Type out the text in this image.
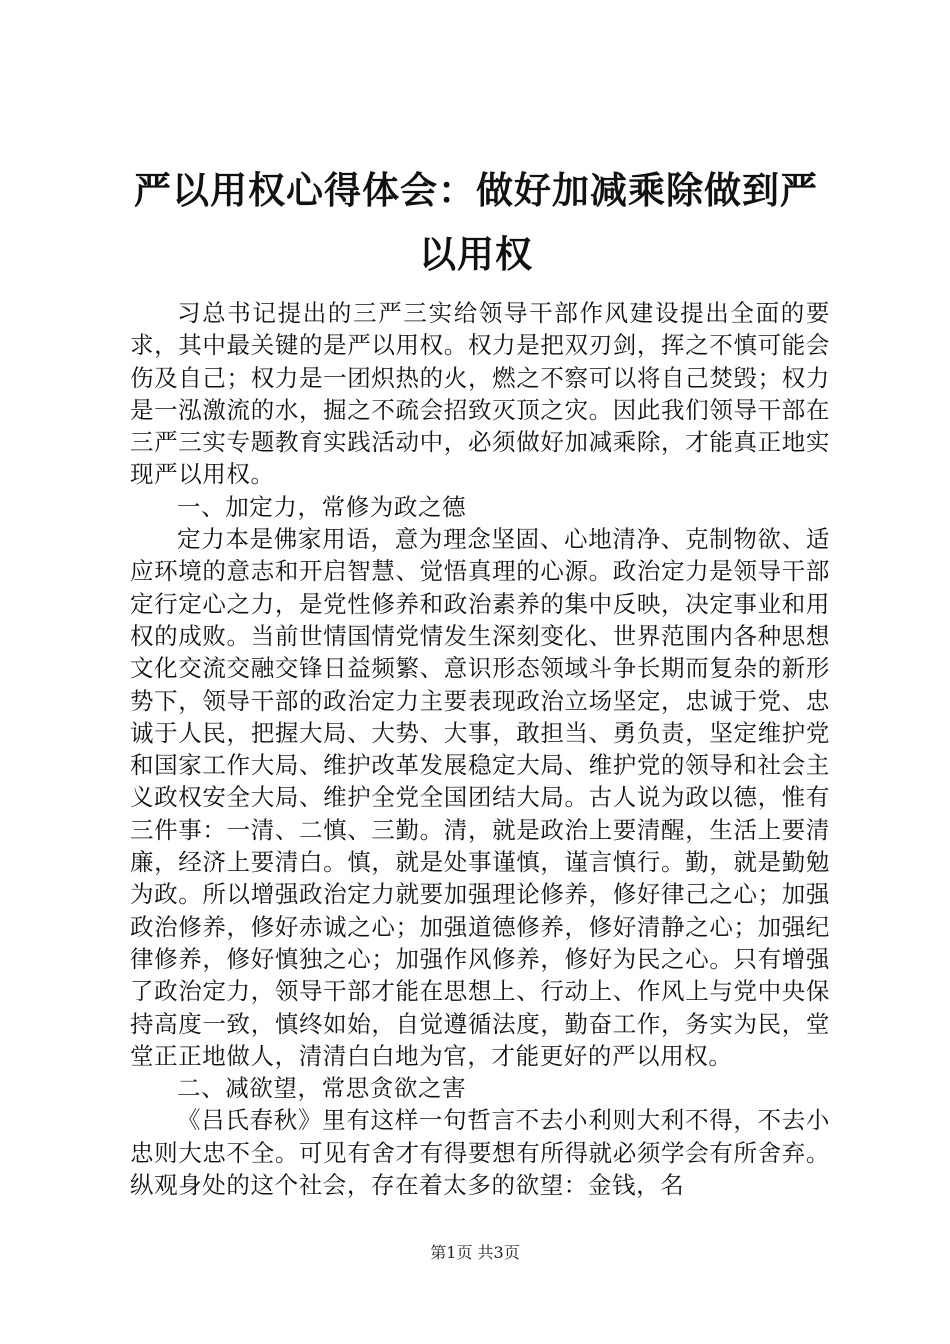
严以用权心得体会：做好加减乘除做到严以用权

习总书记提出的三严三实给领导干部作风建设提出全面的要求，其中最关键的是严以用权。权力是把双刃剑，挥之不慎可能会伤及自己；权力是一团炽热的火，燃之不察可以将自己焚毁；权力是一泓激流的水，掘之不疏会招致灭顶之灾。因此我们领导干部在三严三实专题教育实践活动中，必须做好加减乘除，才能真正地实现严以用权。

一、加定力，常修为政之德

定力本是佛家用语，意为理念坚固、心地清净、克制物欲、适应环境的意志和开启智慧、觉悟真理的心源。政治定力是领导干部定行定心之力，是党性修养和政治素养的集中反映，决定事业和用权的成败。当前世情国情党情发生深刻变化、世界范围内各种思想文化交流交融交锋日益频繁、意识形态领域斗争长期而复杂的新形势下，领导干部的政治定力主要表现政治立场坚定，忠诚于党、忠诚于人民，把握大局、大势、大事，敢担当、勇负责，坚定维护党和国家工作大局、维护改革发展稳定大局、维护党的领导和社会主义政权安全大局、维护全党全国团结大局。古人说为政以德，惟有三件事：一清、二慎、三勤。清，就是政治上要清醒，生活上要清廉，经济上要清白。慎，就是处事谨慎，谨言慎行。勤，就是勤勉为政。所以增强政治定力就要加强理论修养，修好律己之心；加强政治修养，修好赤诚之心；加强道德修养，修好清静之心；加强纪律修养，修好慎独之心；加强作风修养，修好为民之心。只有增强了政治定力，领导干部才能在思想上、行动上、作风上与党中央保持高度一致，慎终如始，自觉遵循法度，勤奋工作，务实为民，堂堂正正地做人，清清白白地为官，才能更好的严以用权。

二、减欲望，常思贪欲之害

《吕氏春秋》里有这样一句哲言不去小利则大利不得，不去小忠则大忠不全。可见有舍才有得要想有所得就必须学会有所舍弃。纵观身处的这个社会，存在着太多的欲望：金钱，名

第1页 共3页
